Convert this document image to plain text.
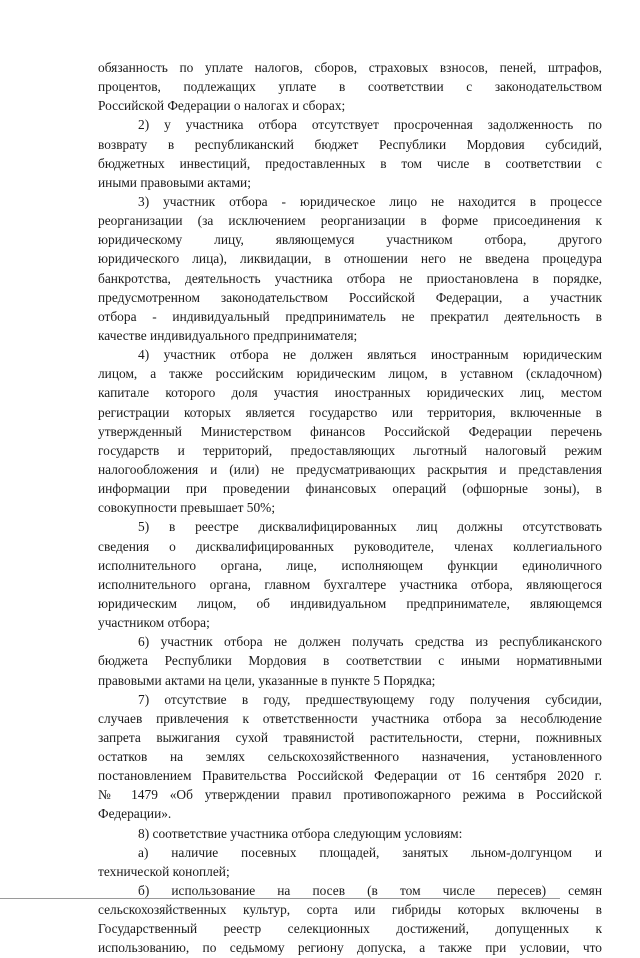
обязанность по уплате налогов, сборов, страховых взносов, пеней, штрафов,
процентов, подлежащих уплате в соответствии с законодательством
Российской Федерации о налогах и сборах;
2) у участника отбора отсутствует просроченная задолженность по
возврату в республиканский бюджет Республики Мордовия субсидий,
бюджетных инвестиций, предоставленных в том числе в соответствии с
иными правовыми актами;
3) участник отбора - юридическое лицо не находится в процессе
реорганизации (за исключением реорганизации в форме присоединения к
юридическому лицу, являющемуся участником отбора, другого
юридического лица), ликвидации, в отношении него не введена процедура
банкротства, деятельность участника отбора не приостановлена в порядке,
предусмотренном законодательством Российской Федерации, а участник
отбора - индивидуальный предприниматель не прекратил деятельность в
качестве индивидуального предпринимателя;
4) участник отбора не должен являться иностранным юридическим
лицом, а также российским юридическим лицом, в уставном (складочном)
капитале которого доля участия иностранных юридических лиц, местом
регистрации которых является государство или территория, включенные в
утвержденный Министерством финансов Российской Федерации перечень
государств и территорий, предоставляющих льготный налоговый режим
налогообложения и (или) не предусматривающих раскрытия и представления
информации при проведении финансовых операций (офшорные зоны), в
совокупности превышает 50%;
5) в реестре дисквалифицированных лиц должны отсутствовать
сведения о дисквалифицированных руководителе, членах коллегиального
исполнительного органа, лице, исполняющем функции единоличного
исполнительного органа, главном бухгалтере участника отбора, являющегося
юридическим лицом, об индивидуальном предпринимателе, являющемся
участником отбора;
6) участник отбора не должен получать средства из республиканского
бюджета Республики Мордовия в соответствии с иными нормативными
правовыми актами на цели, указанные в пункте 5 Порядка;
7) отсутствие в году, предшествующему году получения субсидии,
случаев привлечения к ответственности участника отбора за несоблюдение
запрета выжигания сухой травянистой растительности, стерни, пожнивных
остатков на землях сельскохозяйственного назначения, установленного
постановлением Правительства Российской Федерации от 16 сентября 2020 г.
№ 1479 «Об утверждении правил противопожарного режима в Российской
Федерации».
8) соответствие участника отбора следующим условиям:
а) наличие посевных площадей, занятых льном-долгунцом и
технической коноплей;
б) использование на посев (в том числе пересев) семян
сельскохозяйственных культур, сорта или гибриды которых включены в
Государственный реестр селекционных достижений, допущенных к
использованию, по седьмому региону допуска, а также при условии, что
